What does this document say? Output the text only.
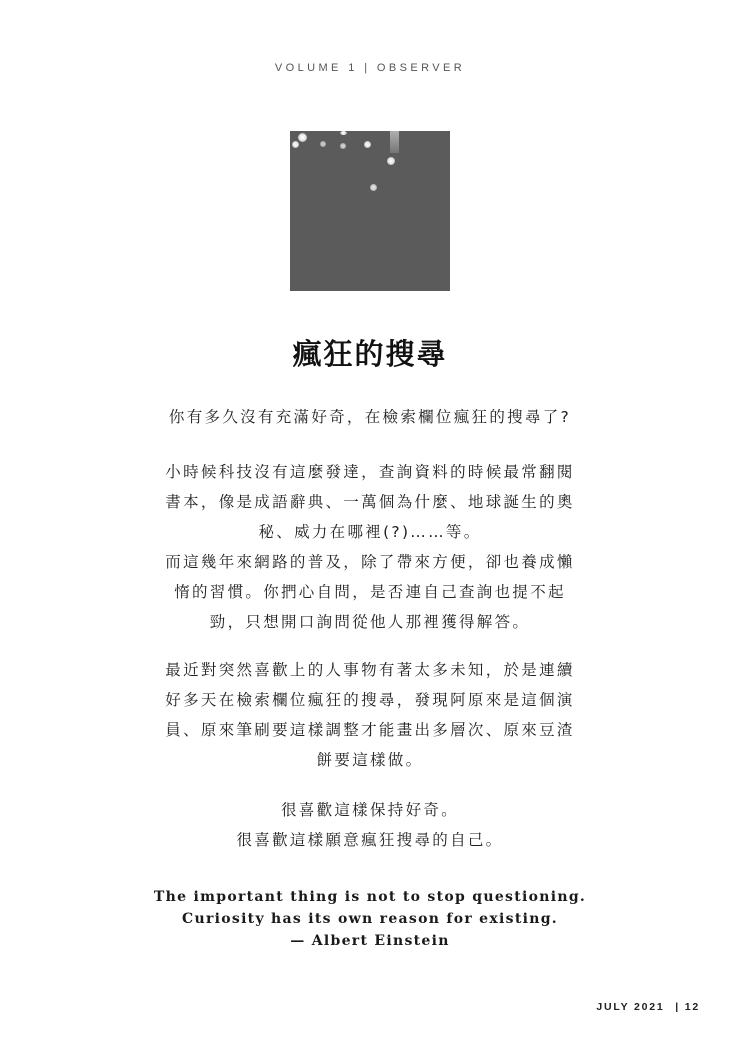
VOLUME 1 | OBSERVER
瘋狂的搜尋
你有多久沒有充滿好奇，在檢索欄位瘋狂的搜尋了?
小時候科技沒有這麼發達，查詢資料的時候最常翻閱
書本，像是成語辭典、一萬個為什麼、地球誕生的奧
秘、威力在哪裡(?)……等。
而這幾年來網路的普及，除了帶來方便，卻也養成懶
惰的習慣。你捫心自問，是否連自己查詢也提不起
勁，只想開口詢問從他人那裡獲得解答。
最近對突然喜歡上的人事物有著太多未知，於是連續
好多天在檢索欄位瘋狂的搜尋，發現阿原來是這個演
員、原來筆刷要這樣調整才能畫出多層次、原來豆渣
餅要這樣做。
很喜歡這樣保持好奇。
很喜歡這樣願意瘋狂搜尋的自己。
The important thing is not to stop questioning.
Curiosity has its own reason for existing.
— Albert Einstein
JULY 2021 | 12
